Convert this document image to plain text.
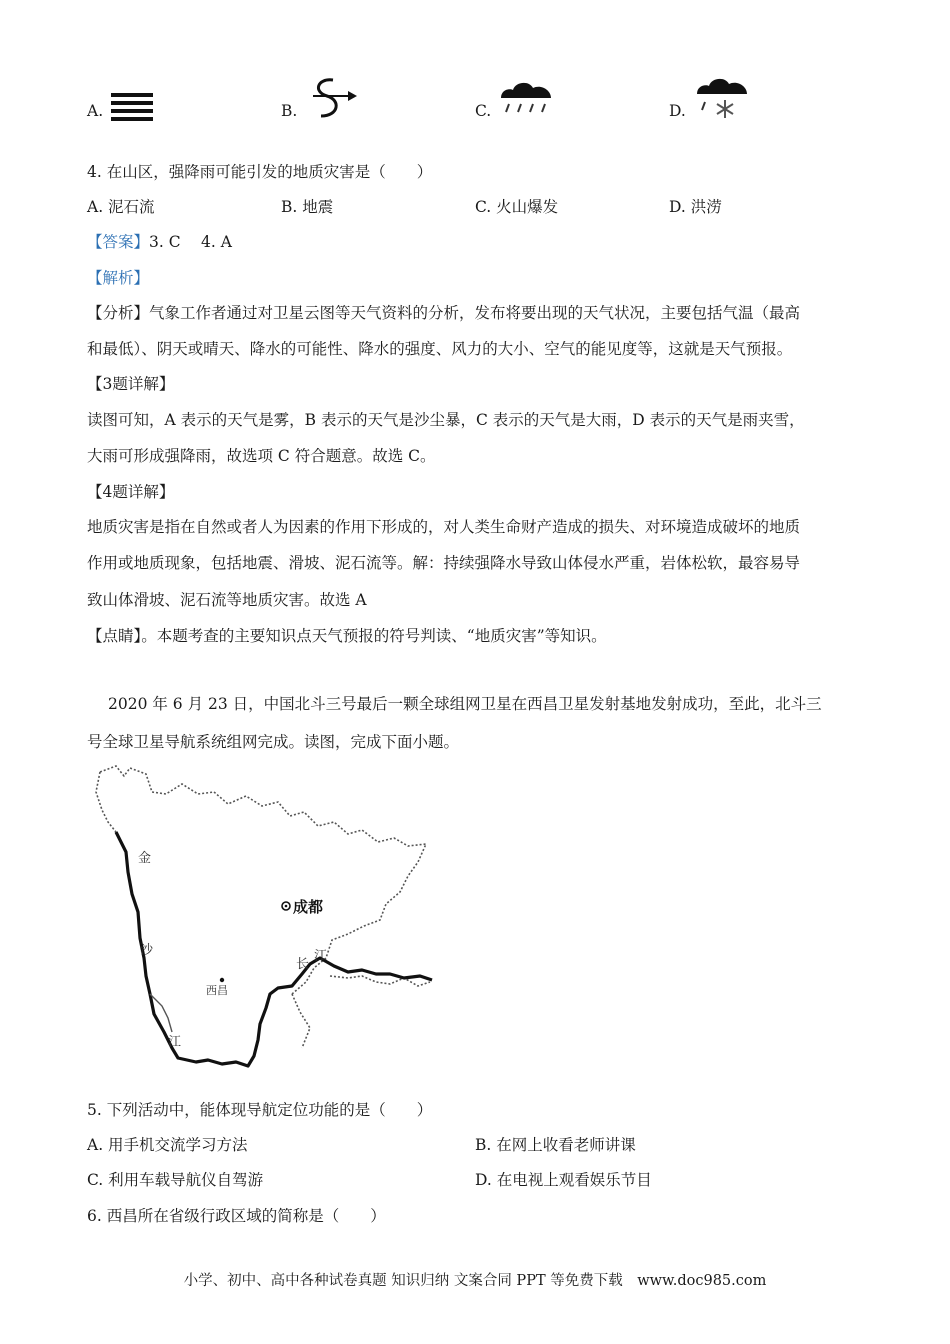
A.	B.	C.	D.
4. 在山区，强降雨可能引发的地质灾害是（　　）
A. 泥石流	B. 地震	C. 火山爆发	D. 洪涝
【答案】3. C　 4. A
【解析】
【分析】气象工作者通过对卫星云图等天气资料的分析，发布将要出现的天气状况，主要包括气温（最高
和最低）、阴天或晴天、降水的可能性、降水的强度、风力的大小、空气的能见度等，这就是天气预报。
【3题详解】
读图可知，A 表示的天气是雾，B 表示的天气是沙尘暴，C 表示的天气是大雨，D 表示的天气是雨夹雪，
大雨可形成强降雨，故选项 C 符合题意。故选 C。
【4题详解】
地质灾害是指在自然或者人为因素的作用下形成的，对人类生命财产造成的损失、对环境造成破坏的地质
作用或地质现象，包括地震、滑坡、泥石流等。解：持续强降水导致山体侵水严重，岩体松软，最容易导
致山体滑坡、泥石流等地质灾害。故选 A
【点睛】。本题考查的主要知识点天气预报的符号判读、“地质灾害”等知识。
2020 年 6 月 23 日，中国北斗三号最后一颗全球组网卫星在西昌卫星发射基地发射成功，至此，北斗三
号全球卫星导航系统组网完成。读图，完成下面小题。
成都
西昌
金
沙
江
长
江
5. 下列活动中，能体现导航定位功能的是（　　）
A. 用手机交流学习方法	B. 在网上收看老师讲课
C. 利用车载导航仪自驾游	D. 在电视上观看娱乐节目
6. 西昌所在省级行政区域的简称是（　　）
小学、初中、高中各种试卷真题 知识归纳 文案合同 PPT 等免费下载　www.doc985.com
